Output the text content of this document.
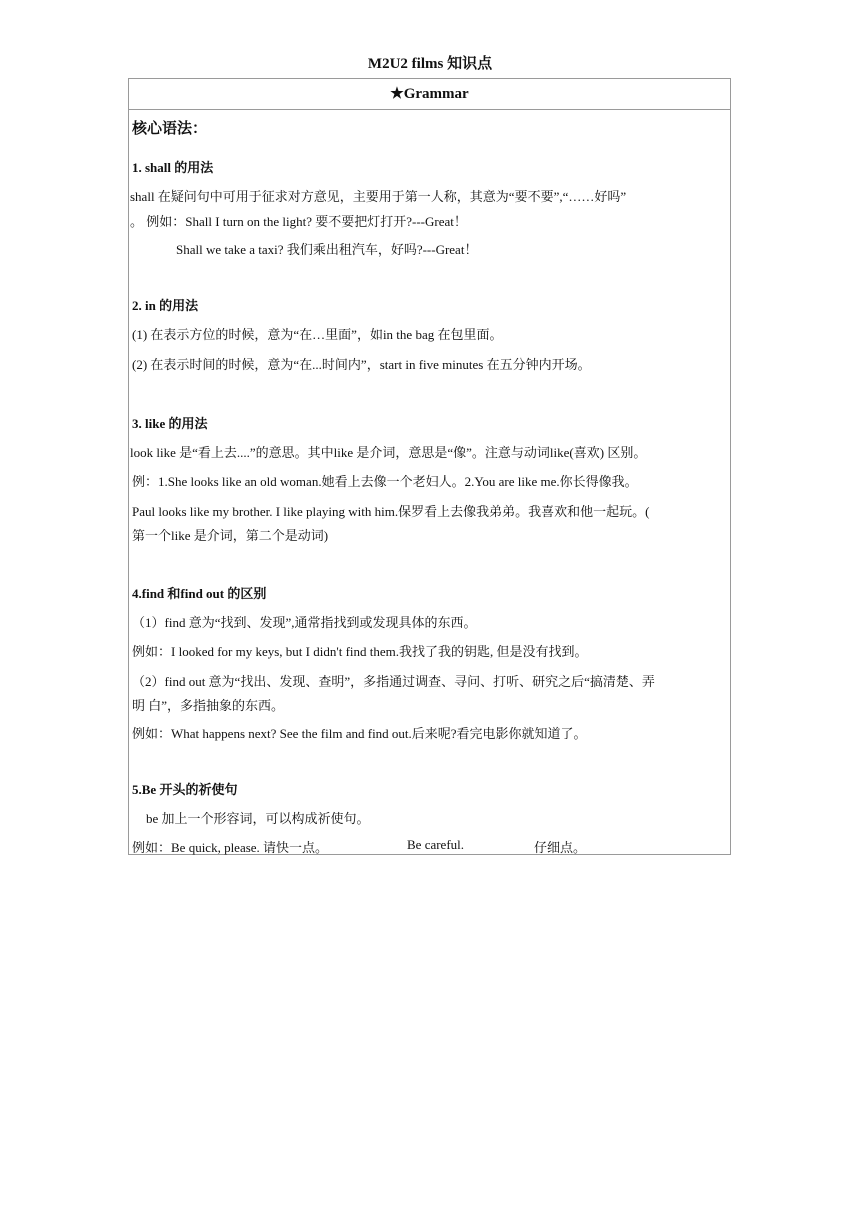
M2U2 films 知识点
★Grammar
核心语法：
1. shall 的用法
shall 在疑问句中可用于征求对方意见，主要用于第一人称，其意为“要不要”,“……好吗”
。 例如：Shall I turn on the light? 要不要把灯打开?---Great！
Shall we take a taxi? 我们乘出租汽车，好吗?---Great！
2. in 的用法
(1) 在表示方位的时候，意为“在…里面”，如in the bag 在包里面。
(2) 在表示时间的时候，意为“在...时间内”，start in five minutes 在五分钟内开场。
3. like 的用法
look like 是“看上去....”的意思。其中like 是介词，意思是“像”。注意与动词like(喜欢) 区别。
例：1.She looks like an old woman.她看上去像一个老妇人。2.You are like me.你长得像我。
Paul looks like my brother. I like playing with him.保罗看上去像我弟弟。我喜欢和他一起玩。(
第一个like 是介词，第二个是动词)
4.find 和find out 的区别
（1）find 意为“找到、发现”,通常指找到或发现具体的东西。
例如：I looked for my keys, but I didn't find them.我找了我的钥匙, 但是没有找到。
（2）find out 意为“找出、发现、查明”，多指通过调查、寻问、打听、研究之后“搞清楚、弄
明 白”，多指抽象的东西。
例如：What happens next? See the film and find out.后来呢?看完电影你就知道了。
5.Be 开头的祈使句
be 加上一个形容词，可以构成祈使句。
例如：Be quick, please. 请快一点。	Be careful.	仔细点。
